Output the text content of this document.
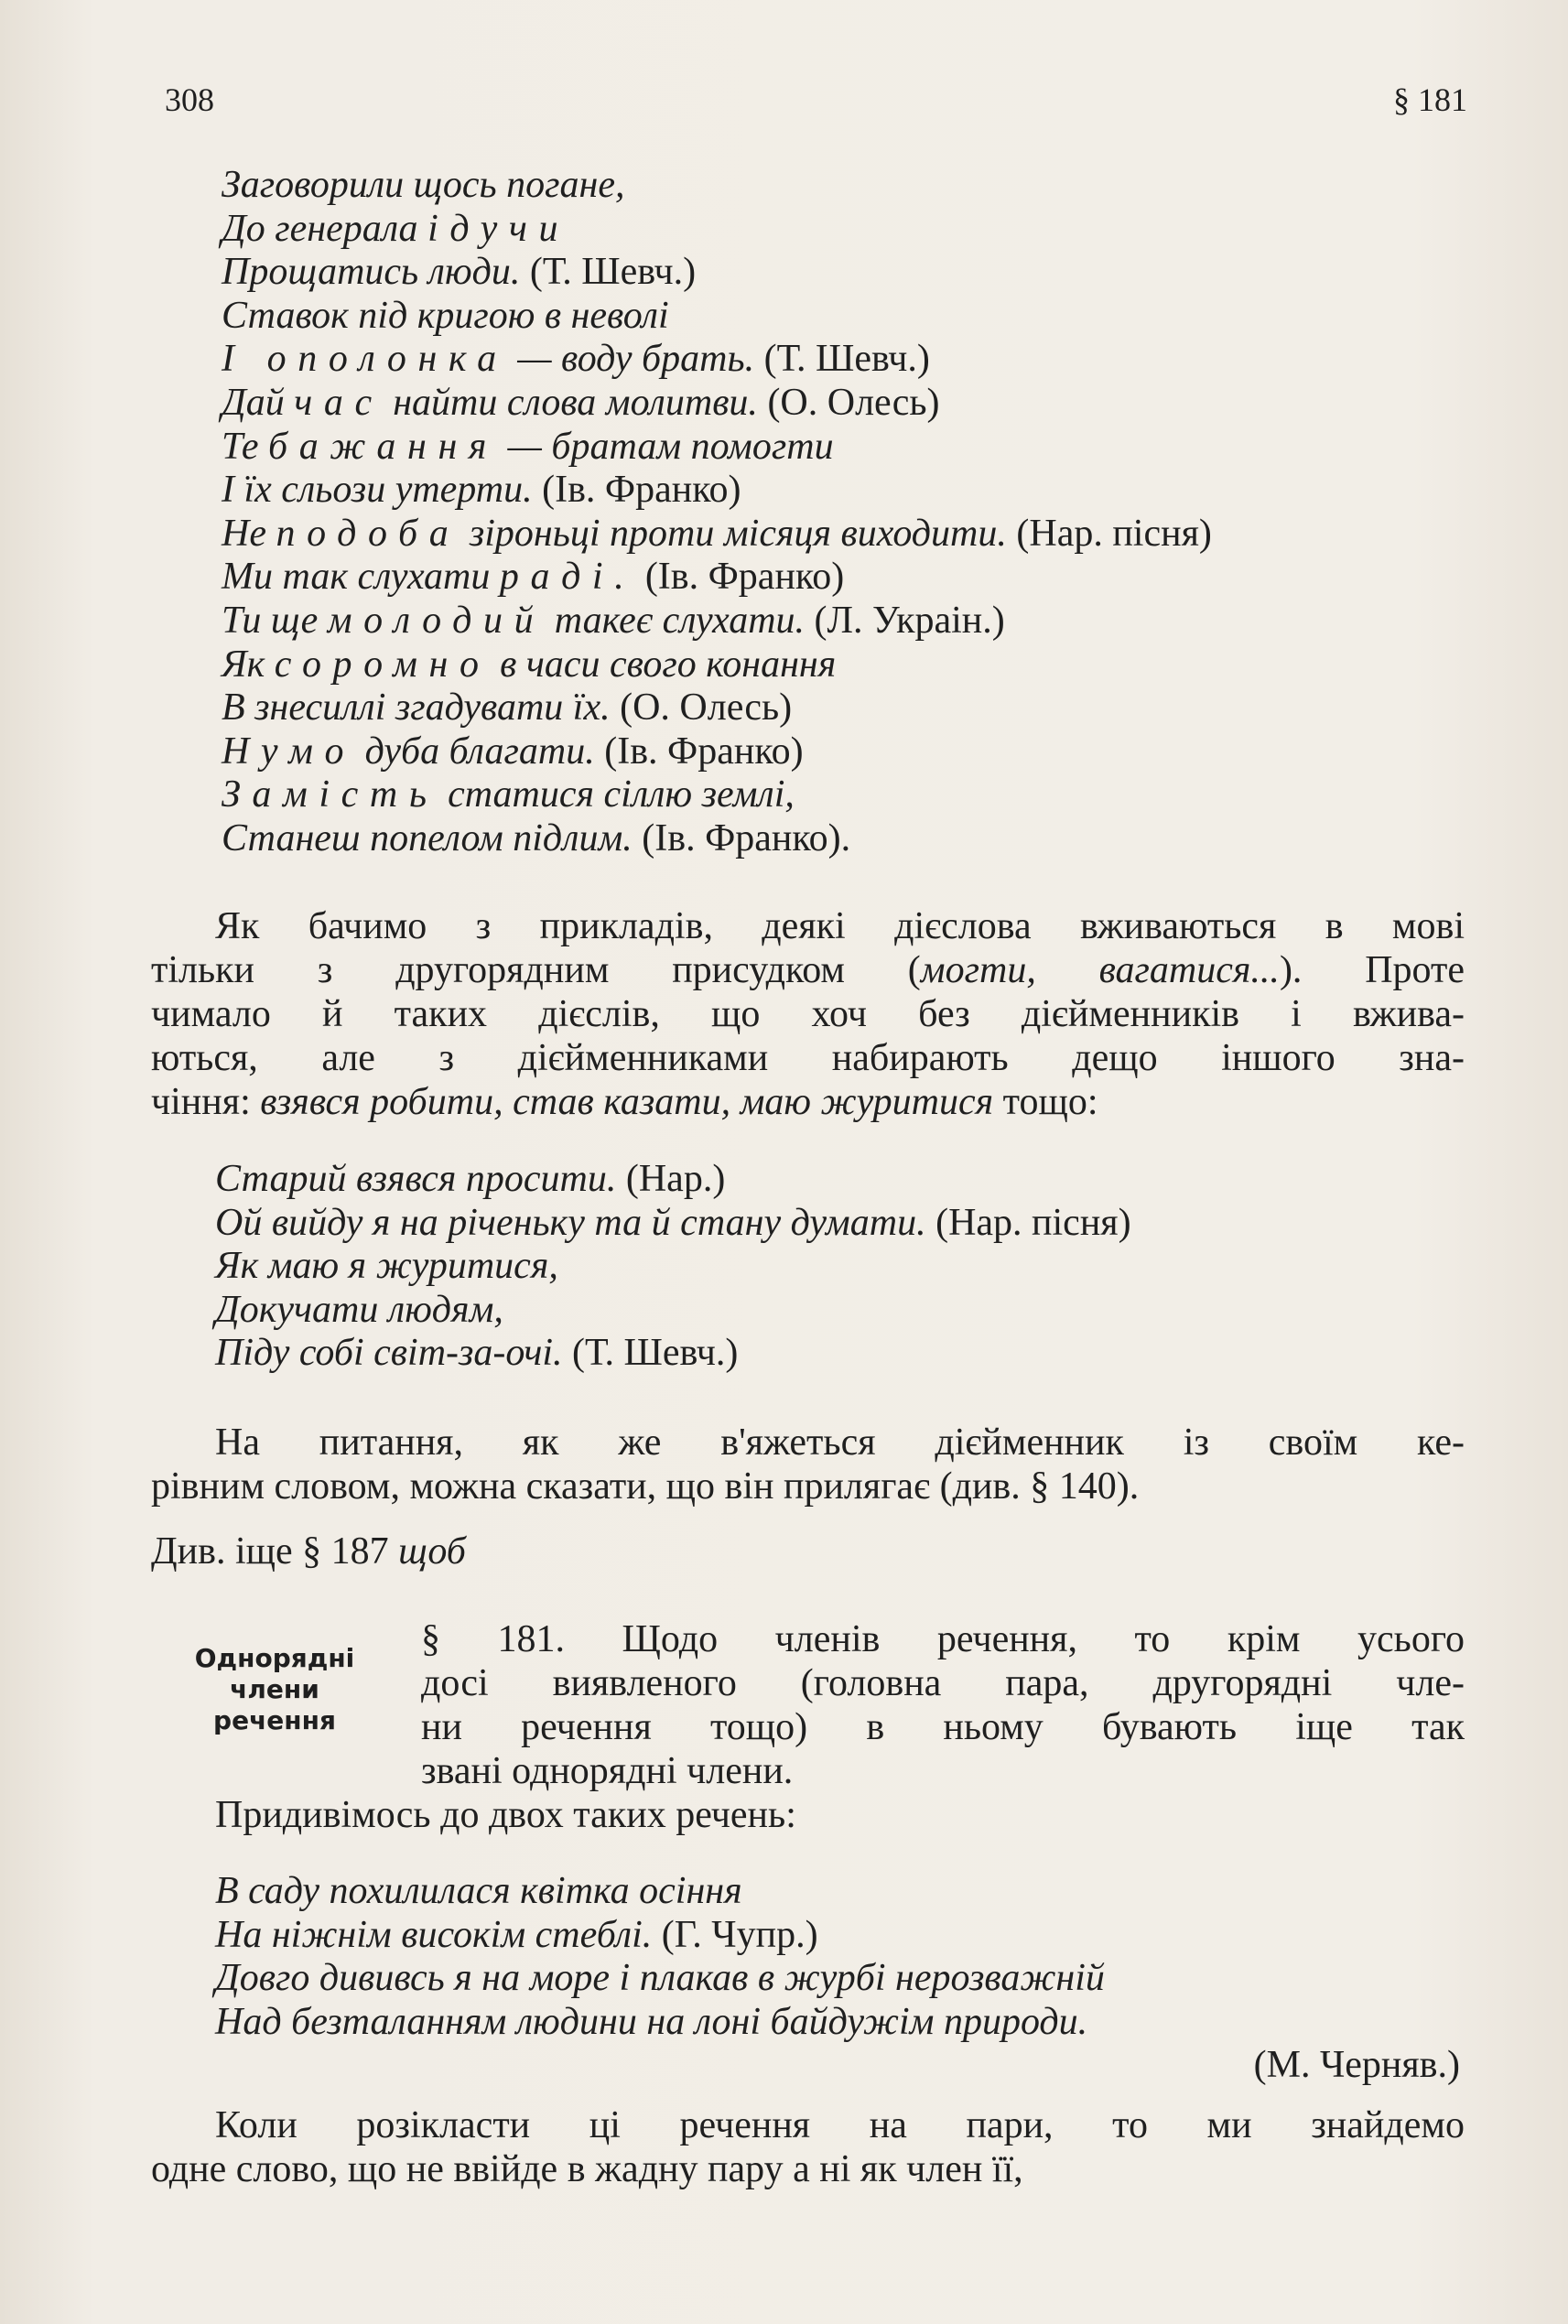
308	§ 181
Заговорили щось погане,
До генерала ідучи
Прощатись люди. (Т. Шевч.)
Ставок під кригою в неволі
І ополонка — воду брать. (Т. Шевч.)
Дай час найти слова молитви. (О. Олесь)
Те бажання — братам помогти
І їх сльози утерти. (Ів. Франко)
Не подоба зіроньці проти місяця виходити. (Нар. пісня)
Ми так слухати раді. (Ів. Франко)
Ти ще молодий такеє слухати. (Л. Украін.)
Як соромно в часи свого конання
В знесиллі згадувати їх. (О. Олесь)
Нумо дуба благати. (Ів. Франко)
Замість статися сіллю землі,
Станеш попелом підлим. (Ів. Франко).
Як бачимо з прикладів, деякі дієслова вживаються в мові
тільки з другорядним присудком (могти, вагатися...). Проте
чимало й таких дієслів, що хоч без дієйменників і вжива-
ються, але з дієйменниками набирають дещо іншого зна-
чіння: взявся робити, став казати, маю журитися тощо:
Старий взявся просити. (Нар.)
Ой вийду я на річеньку та й стану думати. (Нар. пісня)
Як маю я журитися,
Докучати людям,
Піду собі світ-за-очі. (Т. Шевч.)
На питання, як же в'яжеться дієйменник із своїм ке-
рівним словом, можна сказати, що він прилягає (див. § 140).
Див. іще § 187 щоб
Однорядні
члени
речення
§ 181. Щодо членів речення, то крім усього
досі виявленого (головна пара, другорядні чле-
ни речення тощо) в ньому бувають іще так
звані однорядні члени.
Придивімось до двох таких речень:
В саду похилилася квітка осіння
На ніжнім високім стеблі. (Г. Чупр.)
Довго дививсь я на море і плакав в журбі нерозважній
Над безталанням людини на лоні байдужім природи.
(М. Черняв.)
Коли розікласти ці речення на пари, то ми знайдемо
одне слово, що не ввійде в жадну пару а ні як член її,
